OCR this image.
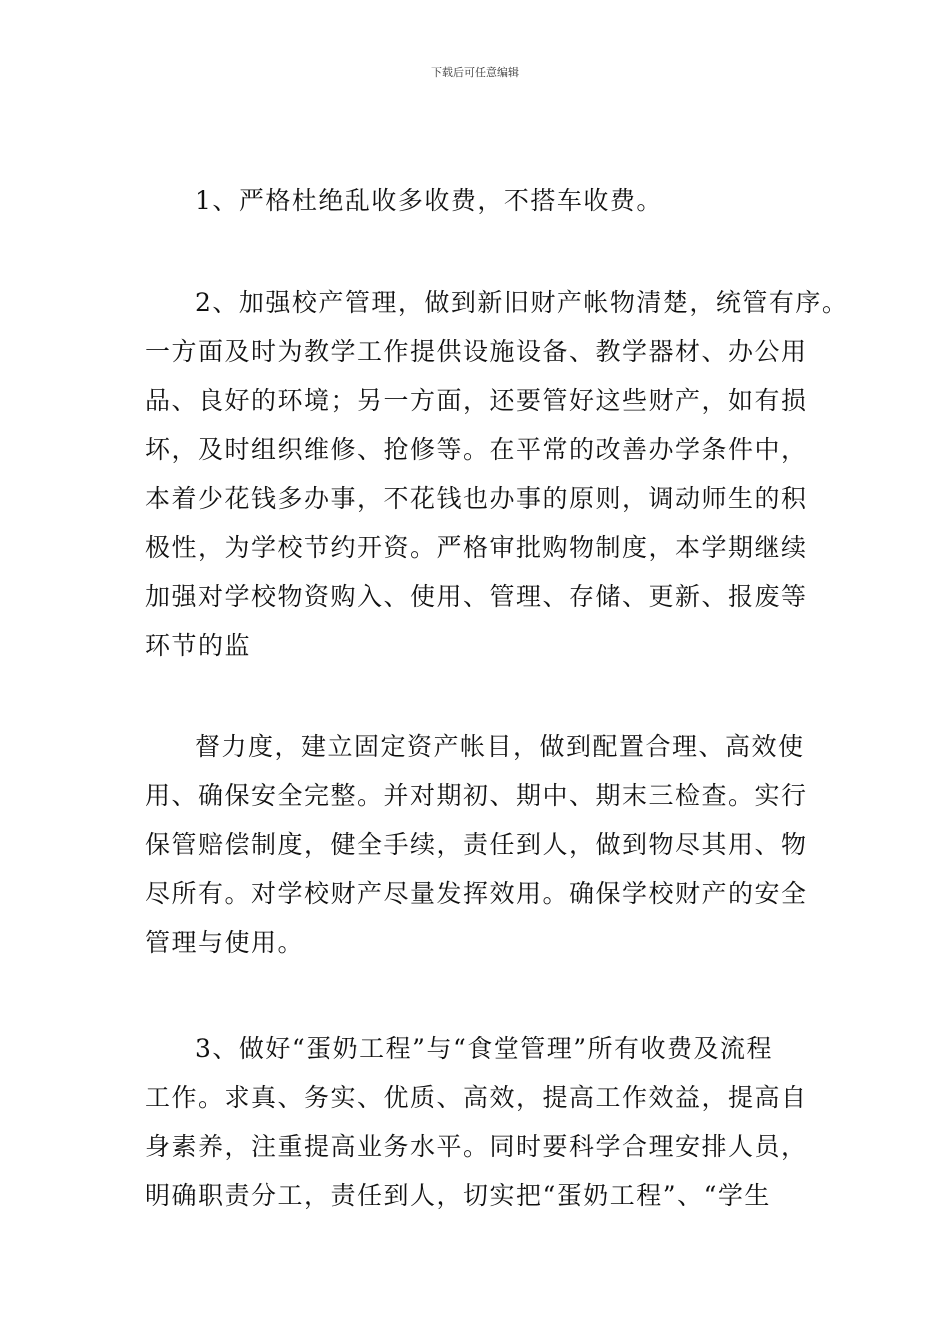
下载后可任意编辑
1、严格杜绝乱收多收费，不搭车收费。
2、加强校产管理，做到新旧财产帐物清楚，统管有序。
一方面及时为教学工作提供设施设备、教学器材、办公用
品、良好的环境；另一方面，还要管好这些财产，如有损
坏，及时组织维修、抢修等。在平常的改善办学条件中，
本着少花钱多办事，不花钱也办事的原则，调动师生的积
极性，为学校节约开资。严格审批购物制度，本学期继续
加强对学校物资购入、使用、管理、存储、更新、报废等
环节的监
督力度，建立固定资产帐目，做到配置合理、高效使
用、确保安全完整。并对期初、期中、期末三检查。实行
保管赔偿制度，健全手续，责任到人，做到物尽其用、物
尽所有。对学校财产尽量发挥效用。确保学校财产的安全
管理与使用。
3、做好“蛋奶工程”与“食堂管理”所有收费及流程
工作。求真、务实、优质、高效，提高工作效益，提高自
身素养，注重提高业务水平。同时要科学合理安排人员，
明确职责分工，责任到人，切实把“蛋奶工程”、“学生
